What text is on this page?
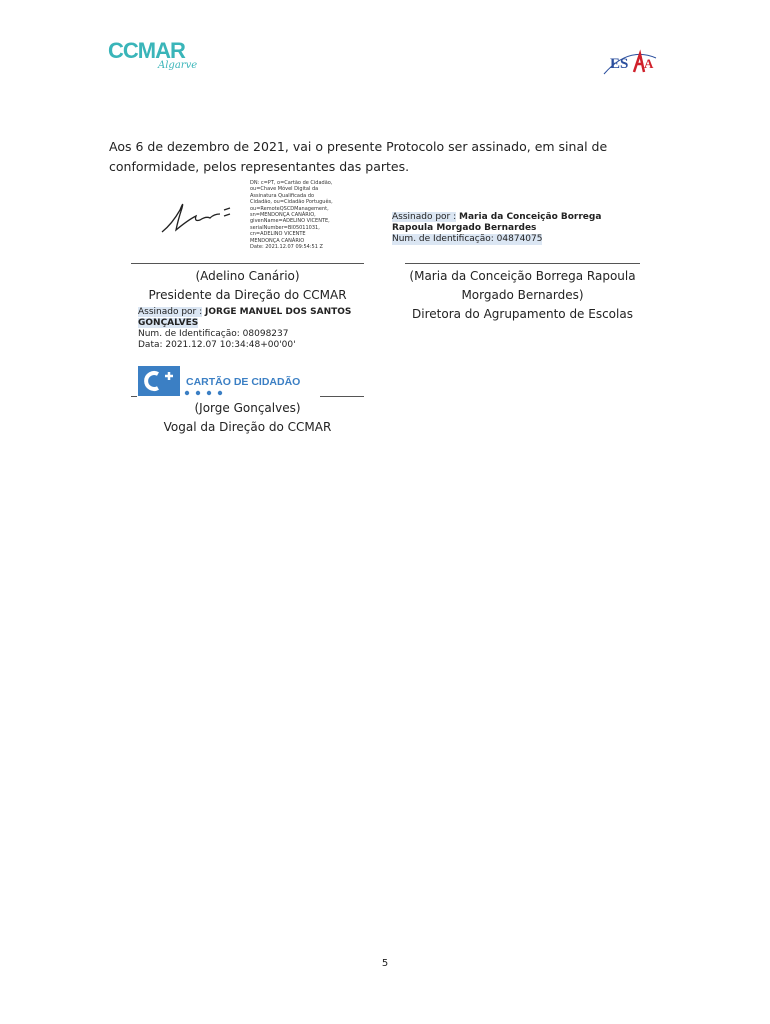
CCMAR
Algarve	ES A
Aos 6 de dezembro de 2021, vai o presente Protocolo ser assinado, em sinal de conformidade, pelos representantes das partes.
DN: c=PT, o=Cartão de Cidadão,
ou=Chave Móvel Digital da
Assinatura Qualificada do
Cidadão, ou=Cidadão Português,
ou=RemoteQSCDManagement,
sn=MENDONÇA CANÁRIO,
givenName=ADELINO VICENTE,
serialNumber=BI05011031,
cn=ADELINO VICENTE
MENDONÇA CANÁRIO
Date: 2021.12.07 09:54:51 Z
(Adelino Canário)
Presidente da Direção do CCMAR
Assinado por : Maria da Conceição Borrega
Rapoula Morgado Bernardes
Num. de Identificação: 04874075
(Maria da Conceição Borrega Rapoula
Morgado Bernardes)
Diretora do Agrupamento de Escolas
Assinado por : JORGE MANUEL DOS SANTOS
GONÇALVES
Num. de Identificação: 08098237
Data: 2021.12.07 10:34:48+00'00'
CARTÃO DE CIDADÃO
(Jorge Gonçalves)
Vogal da Direção do CCMAR
5
